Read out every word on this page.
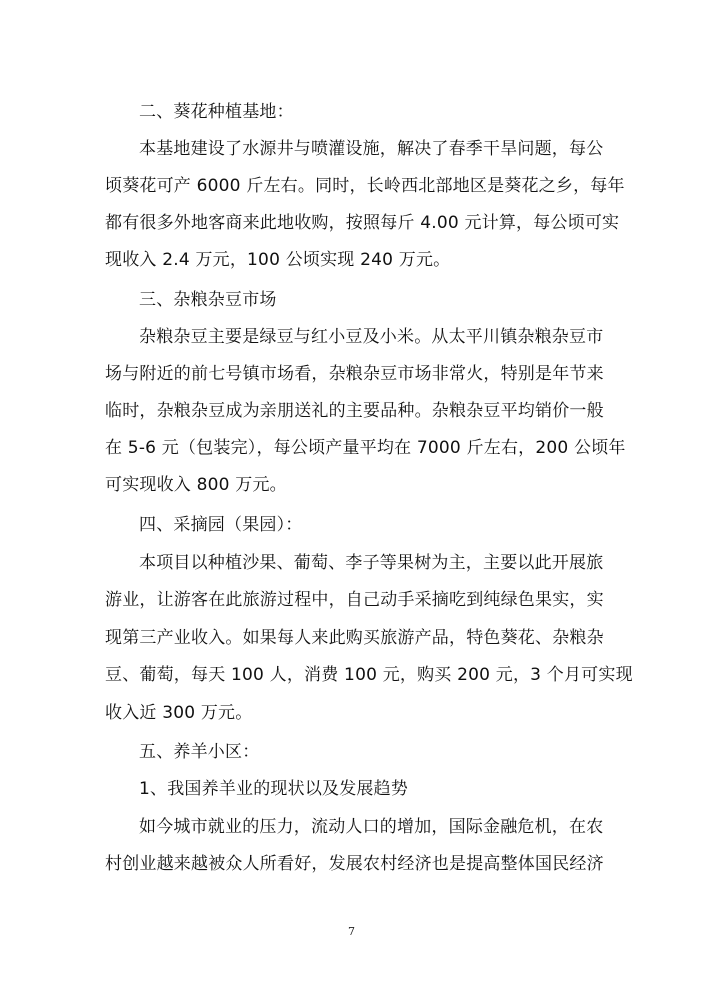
二、葵花种植基地：
本基地建设了水源井与喷灌设施，解决了春季干旱问题，每公
顷葵花可产 6000 斤左右。同时，长岭西北部地区是葵花之乡，每年
都有很多外地客商来此地收购，按照每斤 4.00 元计算，每公顷可实
现收入 2.4 万元，100 公顷实现 240 万元。
三、杂粮杂豆市场
杂粮杂豆主要是绿豆与红小豆及小米。从太平川镇杂粮杂豆市
场与附近的前七号镇市场看，杂粮杂豆市场非常火，特别是年节来
临时，杂粮杂豆成为亲朋送礼的主要品种。杂粮杂豆平均销价一般
在 5-6 元（包装完），每公顷产量平均在 7000 斤左右，200 公顷年
可实现收入 800 万元。
四、采摘园（果园）：
本项目以种植沙果、葡萄、李子等果树为主，主要以此开展旅
游业，让游客在此旅游过程中，自己动手采摘吃到纯绿色果实，实
现第三产业收入。如果每人来此购买旅游产品，特色葵花、杂粮杂
豆、葡萄，每天 100 人，消费 100 元，购买 200 元，3 个月可实现
收入近 300 万元。
五、养羊小区：
1、我国养羊业的现状以及发展趋势
如今城市就业的压力，流动人口的增加，国际金融危机，在农
村创业越来越被众人所看好，发展农村经济也是提高整体国民经济
7
